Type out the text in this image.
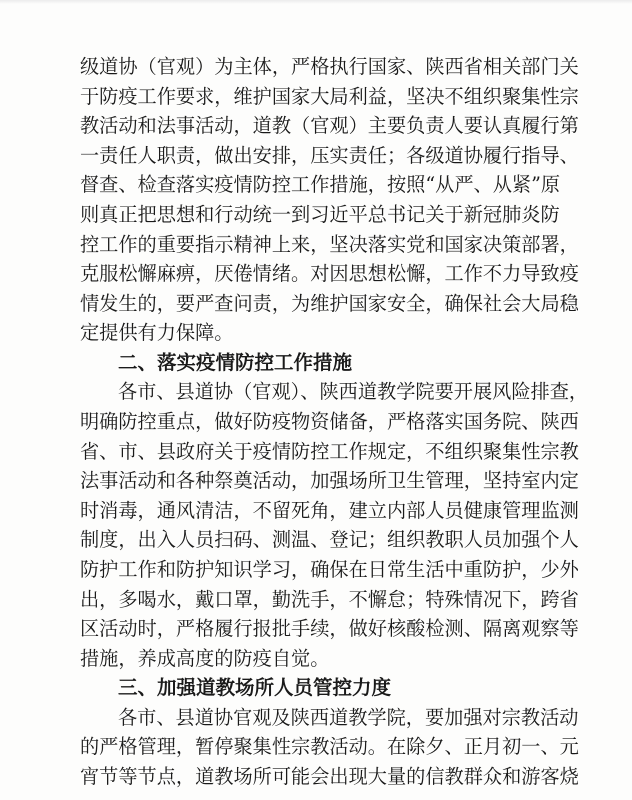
级道协（官观）为主体，严格执行国家、陕西省相关部门关
于防疫工作要求，维护国家大局利益，坚决不组织聚集性宗
教活动和法事活动，道教（官观）主要负责人要认真履行第
一责任人职责，做出安排，压实责任；各级道协履行指导、
督查、检查落实疫情防控工作措施，按照“从严、从紧”原
则真正把思想和行动统一到习近平总书记关于新冠肺炎防
控工作的重要指示精神上来，坚决落实党和国家决策部署，
克服松懈麻痹，厌倦情绪。对因思想松懈，工作不力导致疫
情发生的，要严查问责，为维护国家安全，确保社会大局稳
定提供有力保障。
二、落实疫情防控工作措施
各市、县道协（官观）、陕西道教学院要开展风险排查，
明确防控重点，做好防疫物资储备，严格落实国务院、陕西
省、市、县政府关于疫情防控工作规定，不组织聚集性宗教
法事活动和各种祭奠活动，加强场所卫生管理，坚持室内定
时消毒，通风清洁，不留死角，建立内部人员健康管理监测
制度，出入人员扫码、测温、登记；组织教职人员加强个人
防护工作和防护知识学习，确保在日常生活中重防护，少外
出，多喝水，戴口罩，勤洗手，不懈怠；特殊情况下，跨省
区活动时，严格履行报批手续，做好核酸检测、隔离观察等
措施，养成高度的防疫自觉。
三、加强道教场所人员管控力度
各市、县道协官观及陕西道教学院，要加强对宗教活动
的严格管理，暂停聚集性宗教活动。在除夕、正月初一、元
宵节等节点，道教场所可能会出现大量的信教群众和游客烧
